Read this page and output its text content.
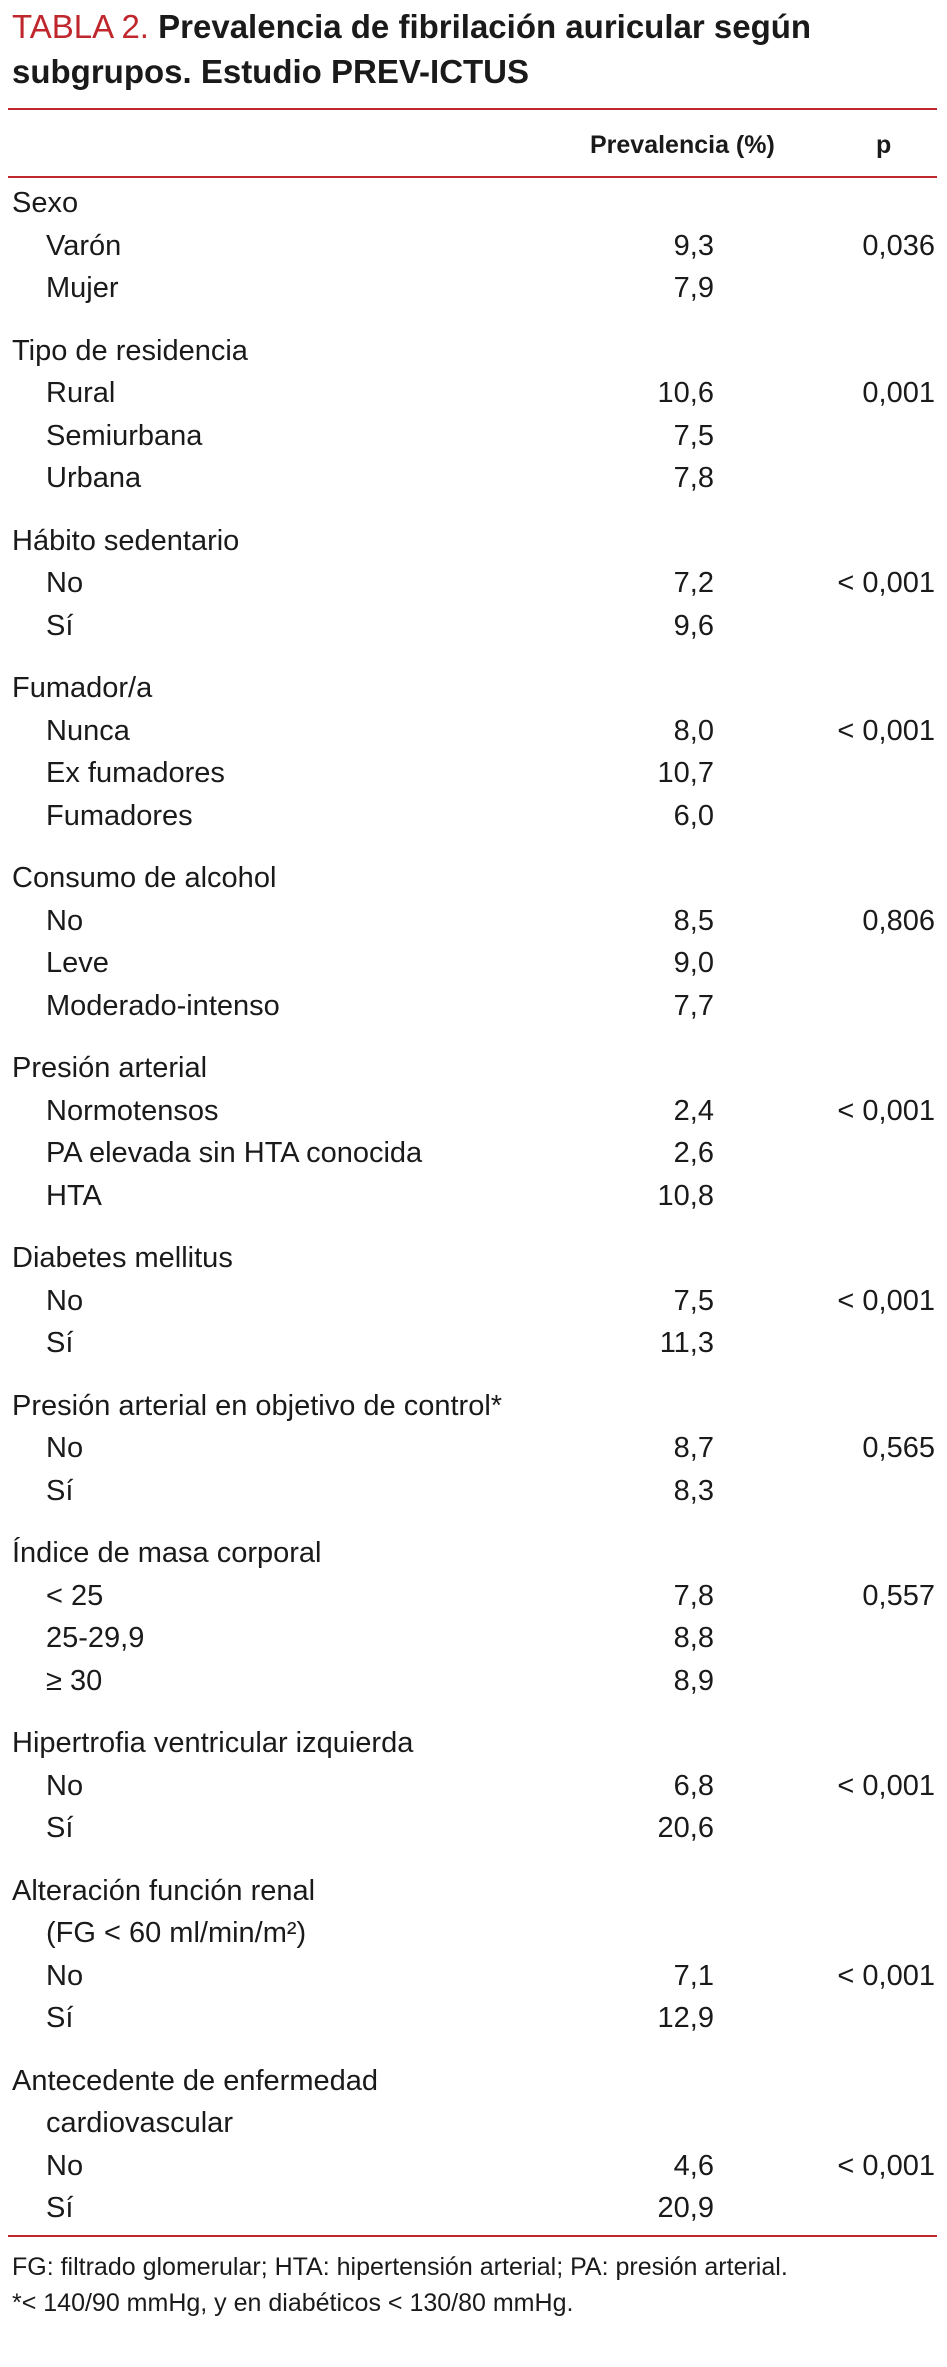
TABLA 2. Prevalencia de fibrilación auricular según
subgrupos. Estudio PREV-ICTUS
Prevalencia (%)	p
Sexo
Varón	9,3	0,036
Mujer	7,9
Tipo de residencia
Rural	10,6	0,001
Semiurbana	7,5
Urbana	7,8
Hábito sedentario
No	7,2	< 0,001
Sí	9,6
Fumador/a
Nunca	8,0	< 0,001
Ex fumadores	10,7
Fumadores	6,0
Consumo de alcohol
No	8,5	0,806
Leve	9,0
Moderado-intenso	7,7
Presión arterial
Normotensos	2,4	< 0,001
PA elevada sin HTA conocida	2,6
HTA	10,8
Diabetes mellitus
No	7,5	< 0,001
Sí	11,3
Presión arterial en objetivo de control*
No	8,7	0,565
Sí	8,3
Índice de masa corporal
< 25	7,8	0,557
25-29,9	8,8
≥ 30	8,9
Hipertrofia ventricular izquierda
No	6,8	< 0,001
Sí	20,6
Alteración función renal
(FG < 60 ml/min/m²)
No	7,1	< 0,001
Sí	12,9
Antecedente de enfermedad
cardiovascular
No	4,6	< 0,001
Sí	20,9
FG: filtrado glomerular; HTA: hipertensión arterial; PA: presión arterial.
*< 140/90 mmHg, y en diabéticos < 130/80 mmHg.
